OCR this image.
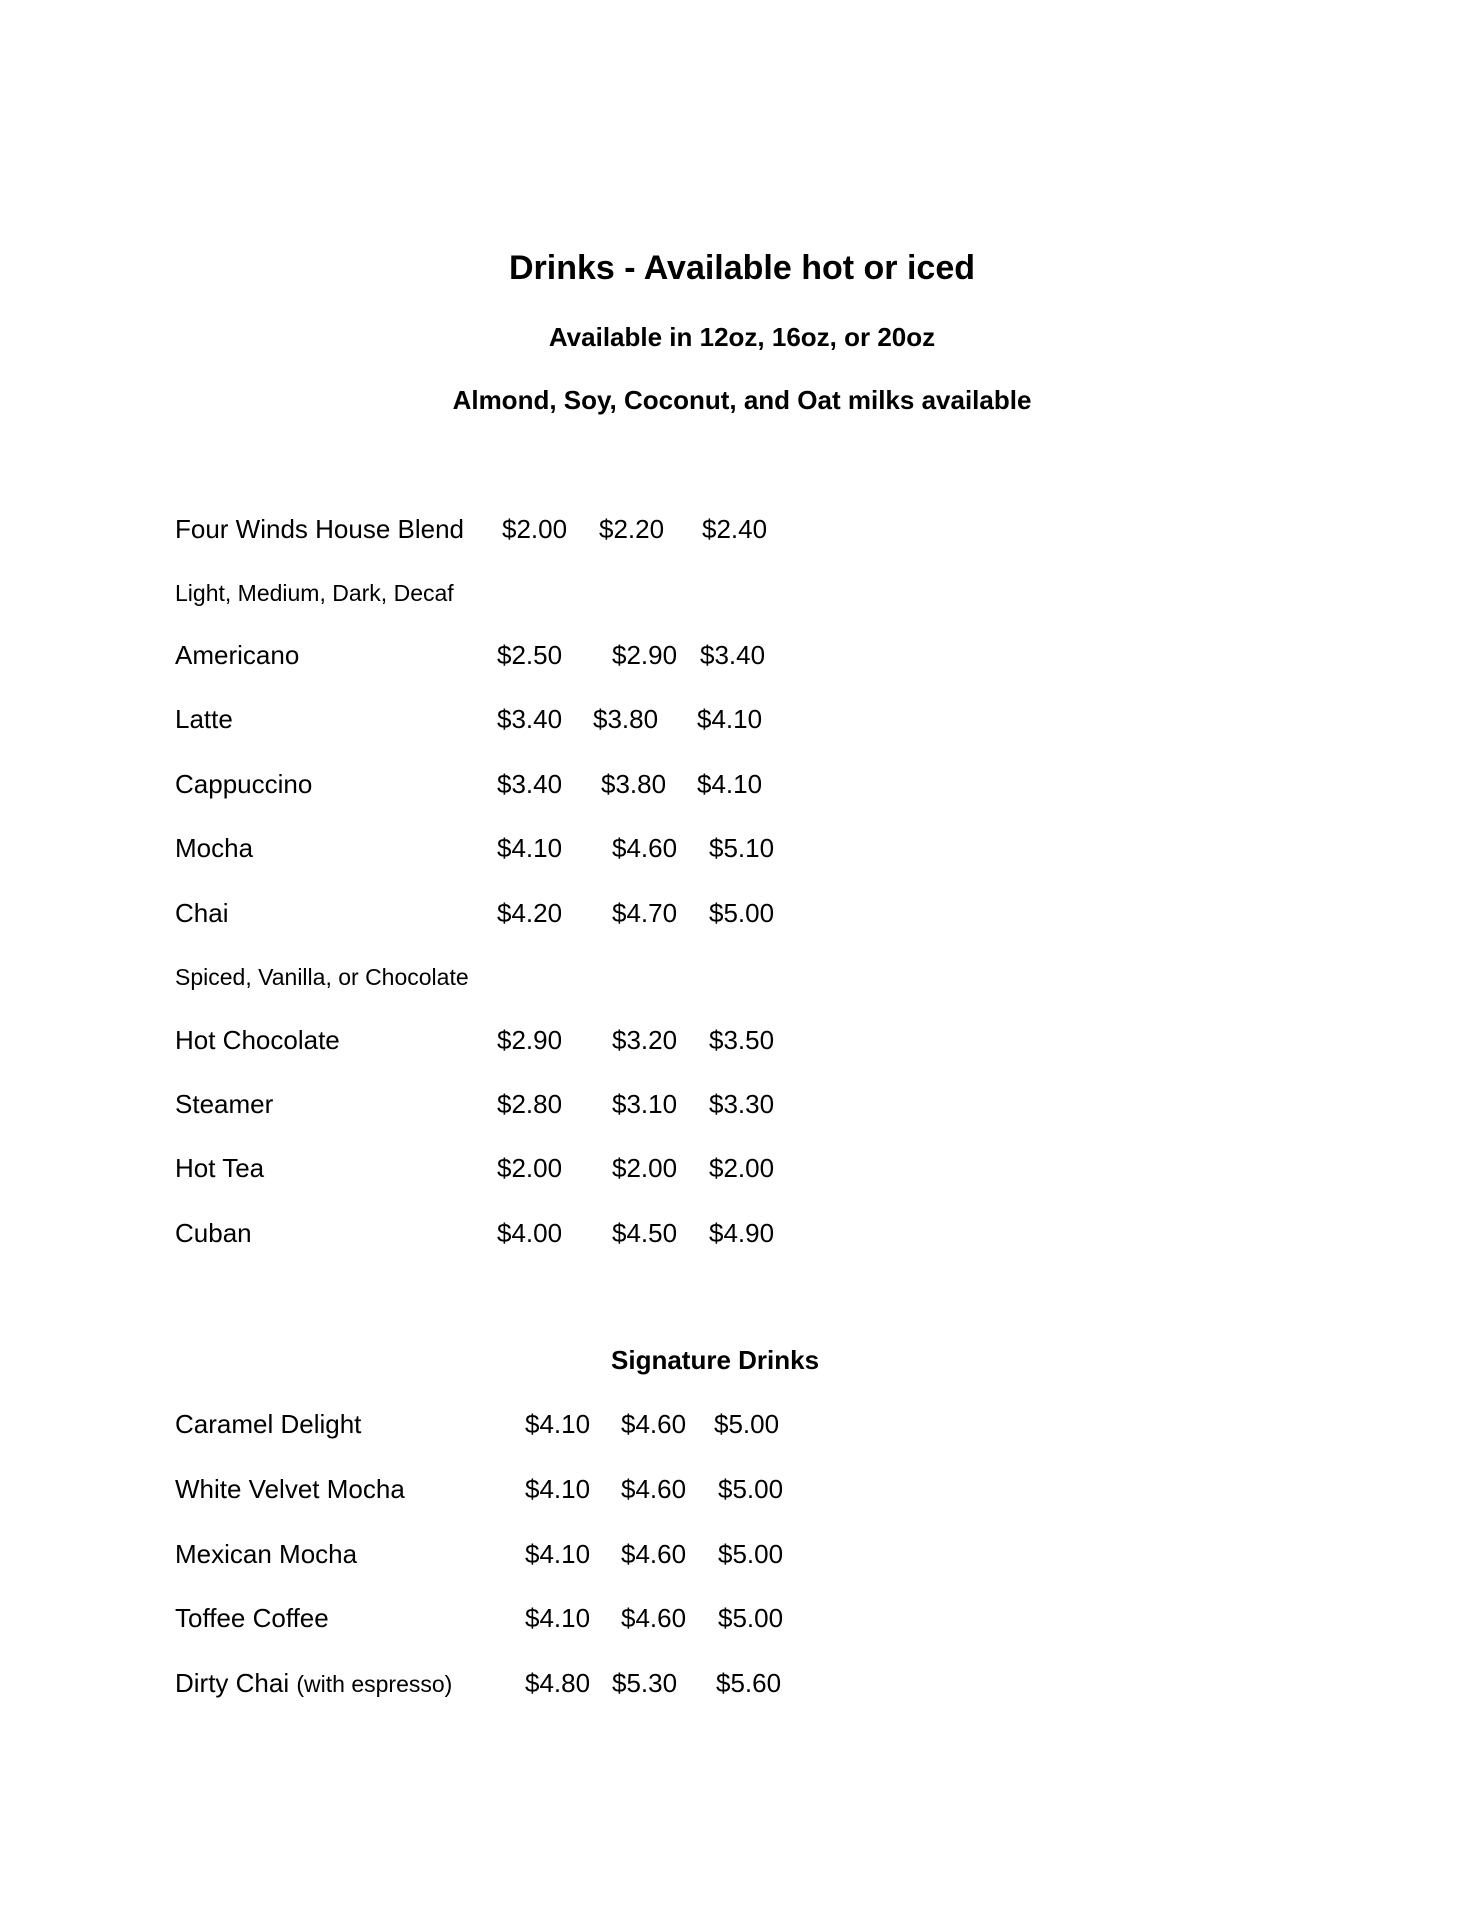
Drinks - Available hot or iced
Available in 12oz, 16oz, or 20oz
Almond, Soy, Coconut, and Oat milks available
Four Winds House Blend $2.00 $2.20 $2.40
Light, Medium, Dark, Decaf
Americano	$2.50 $2.90 $3.40
Latte	$3.40 $3.80 $4.10
Cappuccino	$3.40 $3.80 $4.10
Mocha	$4.10 $4.60 $5.10
Chai	$4.20 $4.70 $5.00
Spiced, Vanilla, or Chocolate
Hot Chocolate	$2.90 $3.20 $3.50
Steamer	$2.80 $3.10 $3.30
Hot Tea	$2.00 $2.00 $2.00
Cuban	$4.00 $4.50 $4.90
Signature Drinks
Caramel Delight	$4.10 $4.60 $5.00
White Velvet Mocha	$4.10 $4.60 $5.00
Mexican Mocha	$4.10 $4.60 $5.00
Toffee Coffee	$4.10 $4.60 $5.00
Dirty Chai (with espresso)	$4.80 $5.30 $5.60
